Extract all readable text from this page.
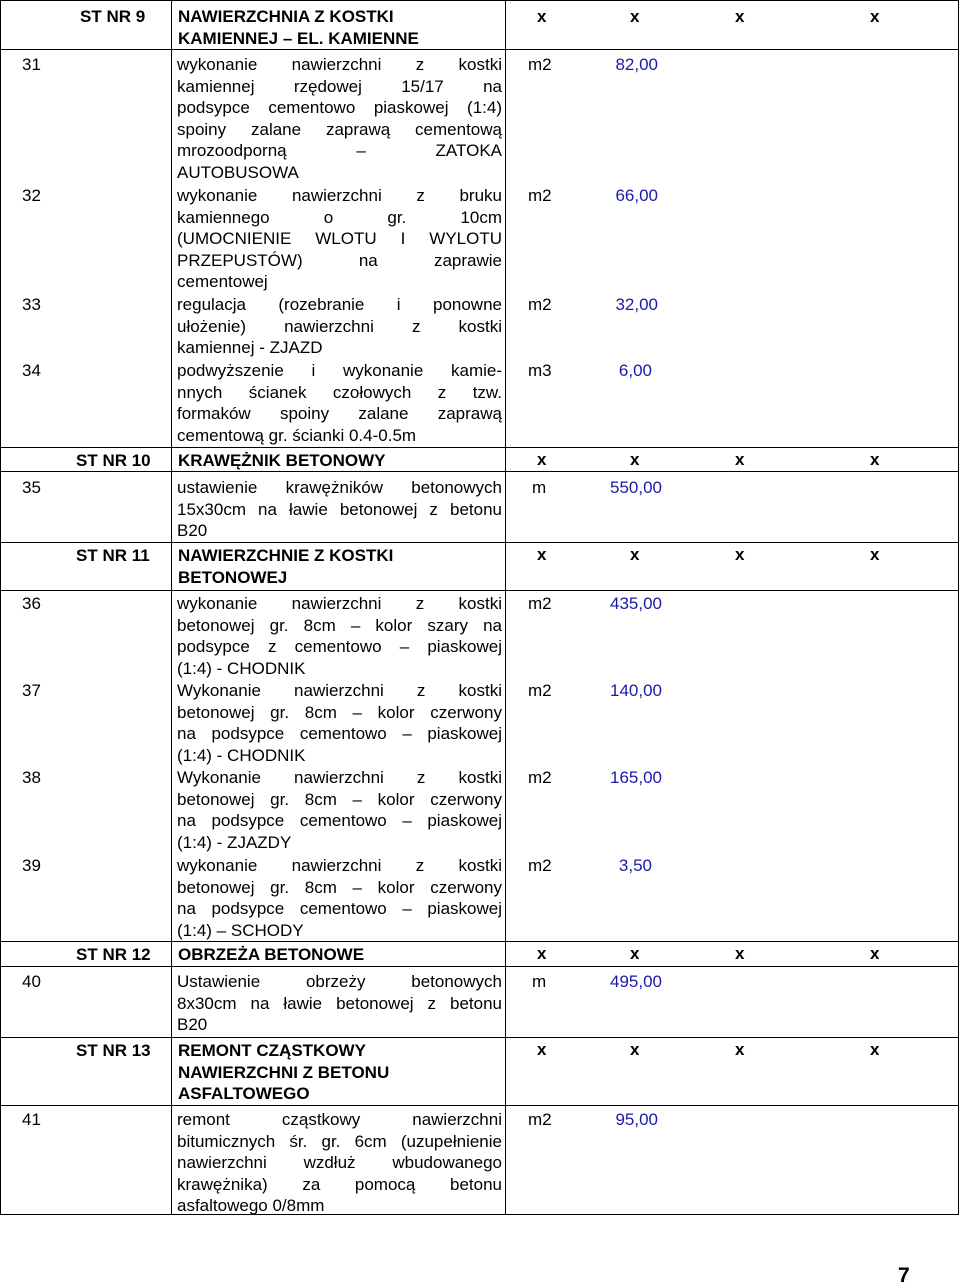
ST NR 9 NAWIERZCHNIA Z KOSTKI
KAMIENNEJ – EL. KAMIENNE
x	x	x	x
31	wykonanie nawierzchni z kostki
kamiennej rzędowej 15/17 na
podsypce cementowo piaskowej (1:4)
spoiny zalane zaprawą cementową
mrozoodporną – ZATOKA
AUTOBUSOWA
m2	82,00
32	wykonanie nawierzchni z bruku
kamiennego o gr. 10cm
(UMOCNIENIE WLOTU I WYLOTU
PRZEPUSTÓW) na zaprawie
cementowej
m2	66,00
33	regulacja (rozebranie i ponowne
ułożenie) nawierzchni z kostki
kamiennej - ZJAZD
m2	32,00
34	podwyższenie i wykonanie kamie-
nnych ścianek czołowych z tzw.
formaków spoiny zalane zaprawą
cementową gr. ścianki 0.4-0.5m
m3	6,00
ST NR 10 KRAWĘŻNIK BETONOWY	x	x	x	x
35	ustawienie krawężników betonowych
15x30cm na ławie betonowej z betonu
B20
m	550,00
ST NR 11 NAWIERZCHNIE Z KOSTKI
BETONOWEJ
x	x	x	x
36	wykonanie nawierzchni z kostki
betonowej gr. 8cm – kolor szary na
podsypce z cementowo – piaskowej
(1:4) - CHODNIK
m2	435,00
37	Wykonanie nawierzchni z kostki
betonowej gr. 8cm – kolor czerwony
na podsypce cementowo – piaskowej
(1:4) - CHODNIK
m2	140,00
38	Wykonanie nawierzchni z kostki
betonowej gr. 8cm – kolor czerwony
na podsypce cementowo – piaskowej
(1:4) - ZJAZDY
m2	165,00
39	wykonanie nawierzchni z kostki
betonowej gr. 8cm – kolor czerwony
na podsypce cementowo – piaskowej
(1:4) – SCHODY
m2	3,50
ST NR 12 OBRZEŻA BETONOWE	x	x	x	x
40	Ustawienie obrzeży betonowych
8x30cm na ławie betonowej z betonu
B20
m	495,00
ST NR 13 REMONT CZĄSTKOWY
NAWIERZCHNI Z BETONU
ASFALTOWEGO
x	x	x	x
41	remont cząstkowy nawierzchni
bitumicznych śr. gr. 6cm (uzupełnienie
nawierzchni wzdłuż wbudowanego
krawężnika) za pomocą betonu
asfaltowego 0/8mm
m2	95,00
7
